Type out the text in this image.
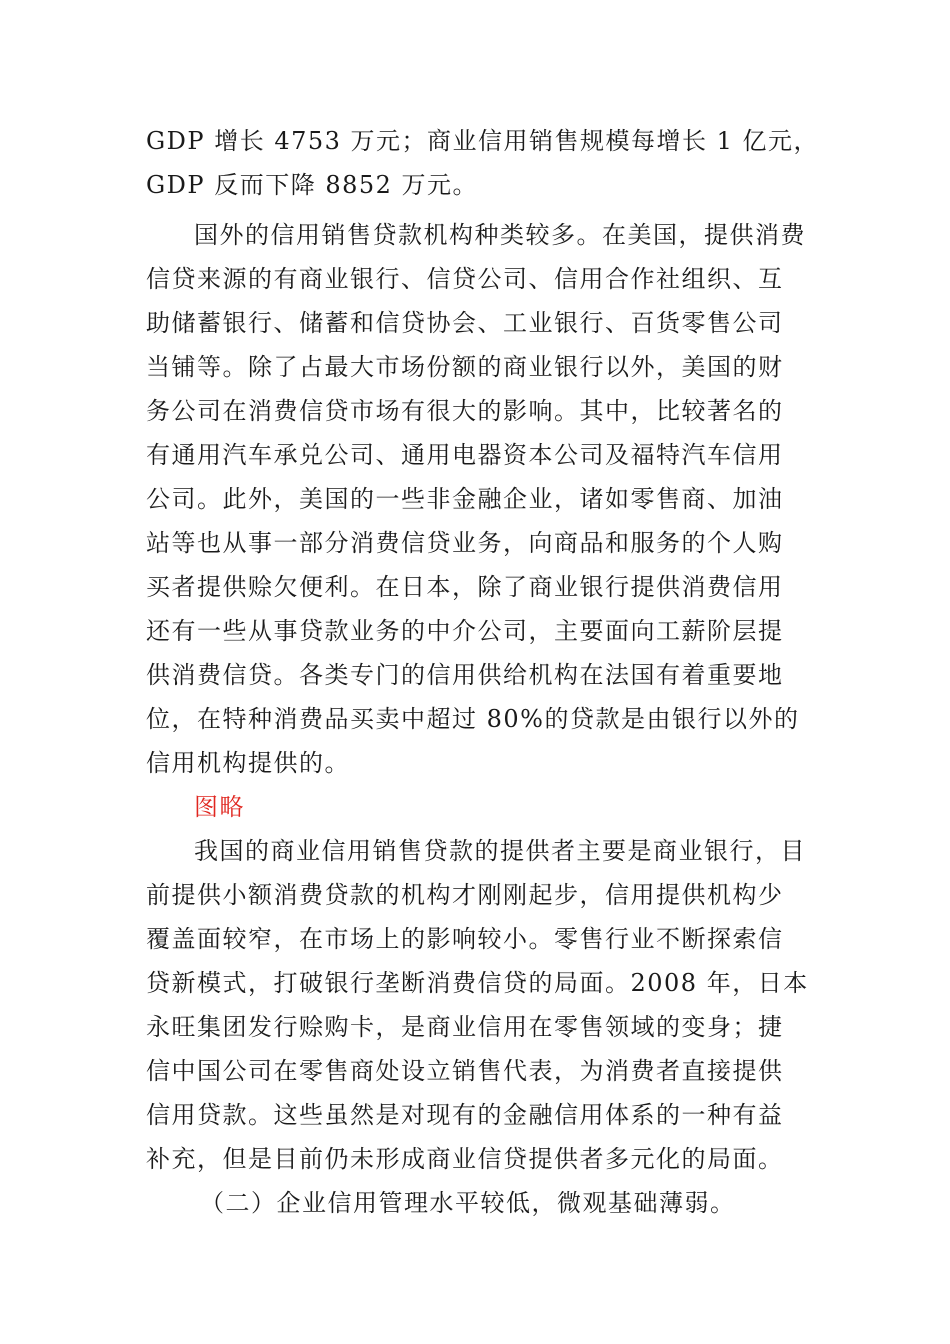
GDP 增长 4753 万元；商业信用销售规模每增长 1 亿元，
GDP 反而下降 8852 万元。
国外的信用销售贷款机构种类较多。在美国，提供消费
信贷来源的有商业银行、信贷公司、信用合作社组织、互
助储蓄银行、储蓄和信贷协会、工业银行、百货零售公司
当铺等。除了占最大市场份额的商业银行以外，美国的财
务公司在消费信贷市场有很大的影响。其中，比较著名的
有通用汽车承兑公司、通用电器资本公司及福特汽车信用
公司。此外，美国的一些非金融企业，诸如零售商、加油
站等也从事一部分消费信贷业务，向商品和服务的个人购
买者提供赊欠便利。在日本，除了商业银行提供消费信用
还有一些从事贷款业务的中介公司，主要面向工薪阶层提
供消费信贷。各类专门的信用供给机构在法国有着重要地
位，在特种消费品买卖中超过 80%的贷款是由银行以外的
信用机构提供的。
图略
我国的商业信用销售贷款的提供者主要是商业银行，目
前提供小额消费贷款的机构才刚刚起步，信用提供机构少
覆盖面较窄，在市场上的影响较小。零售行业不断探索信
贷新模式，打破银行垄断消费信贷的局面。2008 年，日本
永旺集团发行赊购卡，是商业信用在零售领域的变身；捷
信中国公司在零售商处设立销售代表，为消费者直接提供
信用贷款。这些虽然是对现有的金融信用体系的一种有益
补充，但是目前仍未形成商业信贷提供者多元化的局面。
（二）企业信用管理水平较低，微观基础薄弱。
